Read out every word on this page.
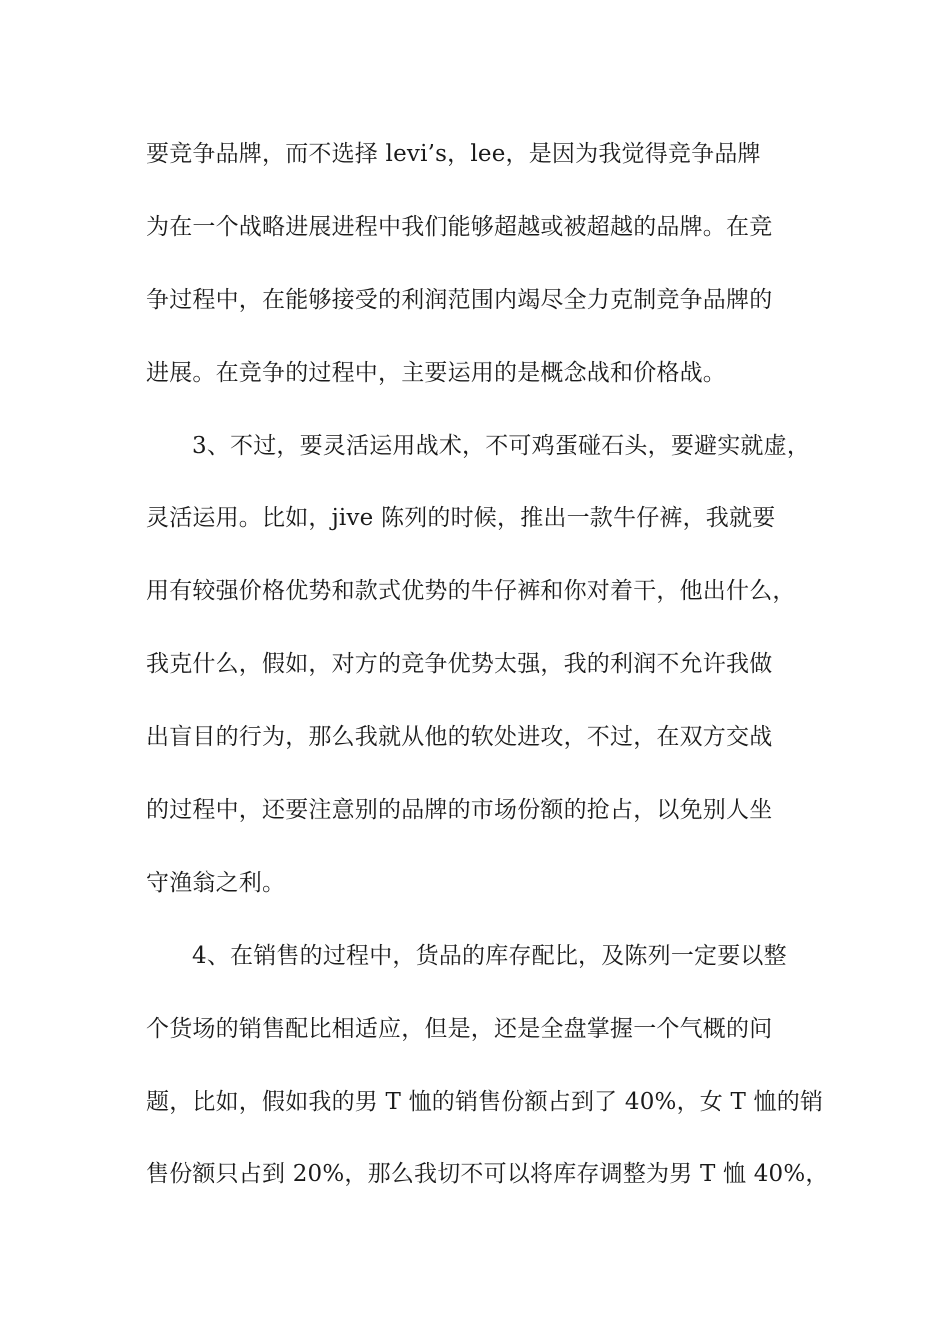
要竞争品牌，而不选择 levi’s，lee，是因为我觉得竞争品牌
为在一个战略进展进程中我们能够超越或被超越的品牌。在竞
争过程中，在能够接受的利润范围内竭尽全力克制竞争品牌的
进展。在竞争的过程中，主要运用的是概念战和价格战。
3、不过，要灵活运用战术，不可鸡蛋碰石头，要避实就虚，
灵活运用。比如，jive 陈列的时候，推出一款牛仔裤，我就要
用有较强价格优势和款式优势的牛仔裤和你对着干，他出什么，
我克什么，假如，对方的竞争优势太强，我的利润不允许我做
出盲目的行为，那么我就从他的软处进攻，不过，在双方交战
的过程中，还要注意别的品牌的市场份额的抢占，以免别人坐
守渔翁之利。
4、在销售的过程中，货品的库存配比，及陈列一定要以整
个货场的销售配比相适应，但是，还是全盘掌握一个气概的问
题，比如，假如我的男 T 恤的销售份额占到了 40%，女 T 恤的销
售份额只占到 20%，那么我切不可以将库存调整为男 T 恤 40%，
